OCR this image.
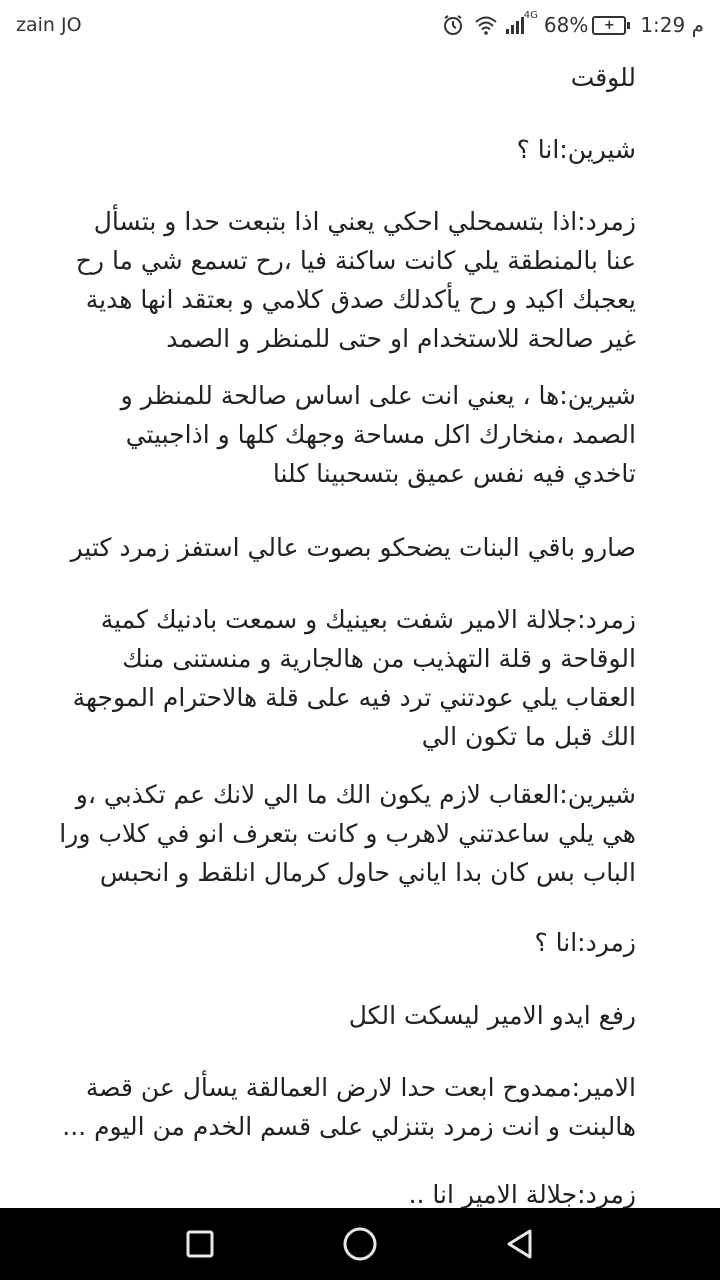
zain JO	4G 68%	+	1:29 م

للوقت

شيرين:انا ؟

زمرد:اذا بتسمحلي احكي يعني اذا بتبعت حدا و بتسأل عنا بالمنطقة يلي كانت ساكنة فيا ،رح تسمع شي ما رح يعجبك اكيد و رح يأكدلك صدق كلامي و بعتقد انها هدية غير صالحة للاستخدام او حتى للمنظر و الصمد

شيرين:ها ، يعني انت على اساس صالحة للمنظر و الصمد ،منخارك اكل مساحة وجهك كلها و اذاجبيتي تاخدي فيه نفس عميق بتسحبينا كلنا

صارو باقي البنات يضحكو بصوت عالي استفز زمرد كتير

زمرد:جلالة الامير شفت بعينيك و سمعت بادنيك كمية الوقاحة و قلة التهذيب من هالجارية و منستنى منك العقاب يلي عودتني ترد فيه على قلة هالاحترام الموجهة الك قبل ما تكون الي

شيرين:العقاب لازم يكون الك ما الي لانك عم تكذبي ،و هي يلي ساعدتني لاهرب و كانت بتعرف انو في كلاب ورا الباب بس كان بدا اياني حاول كرمال انلقط و انحبس

زمرد:انا ؟

رفع ايدو الامير ليسكت الكل

الامير:ممدوح ابعت حدا لارض العمالقة يسأل عن قصة هالبنت و انت زمرد بتنزلي على قسم الخدم من اليوم ...

زمرد:جلالة الامير انا ..
